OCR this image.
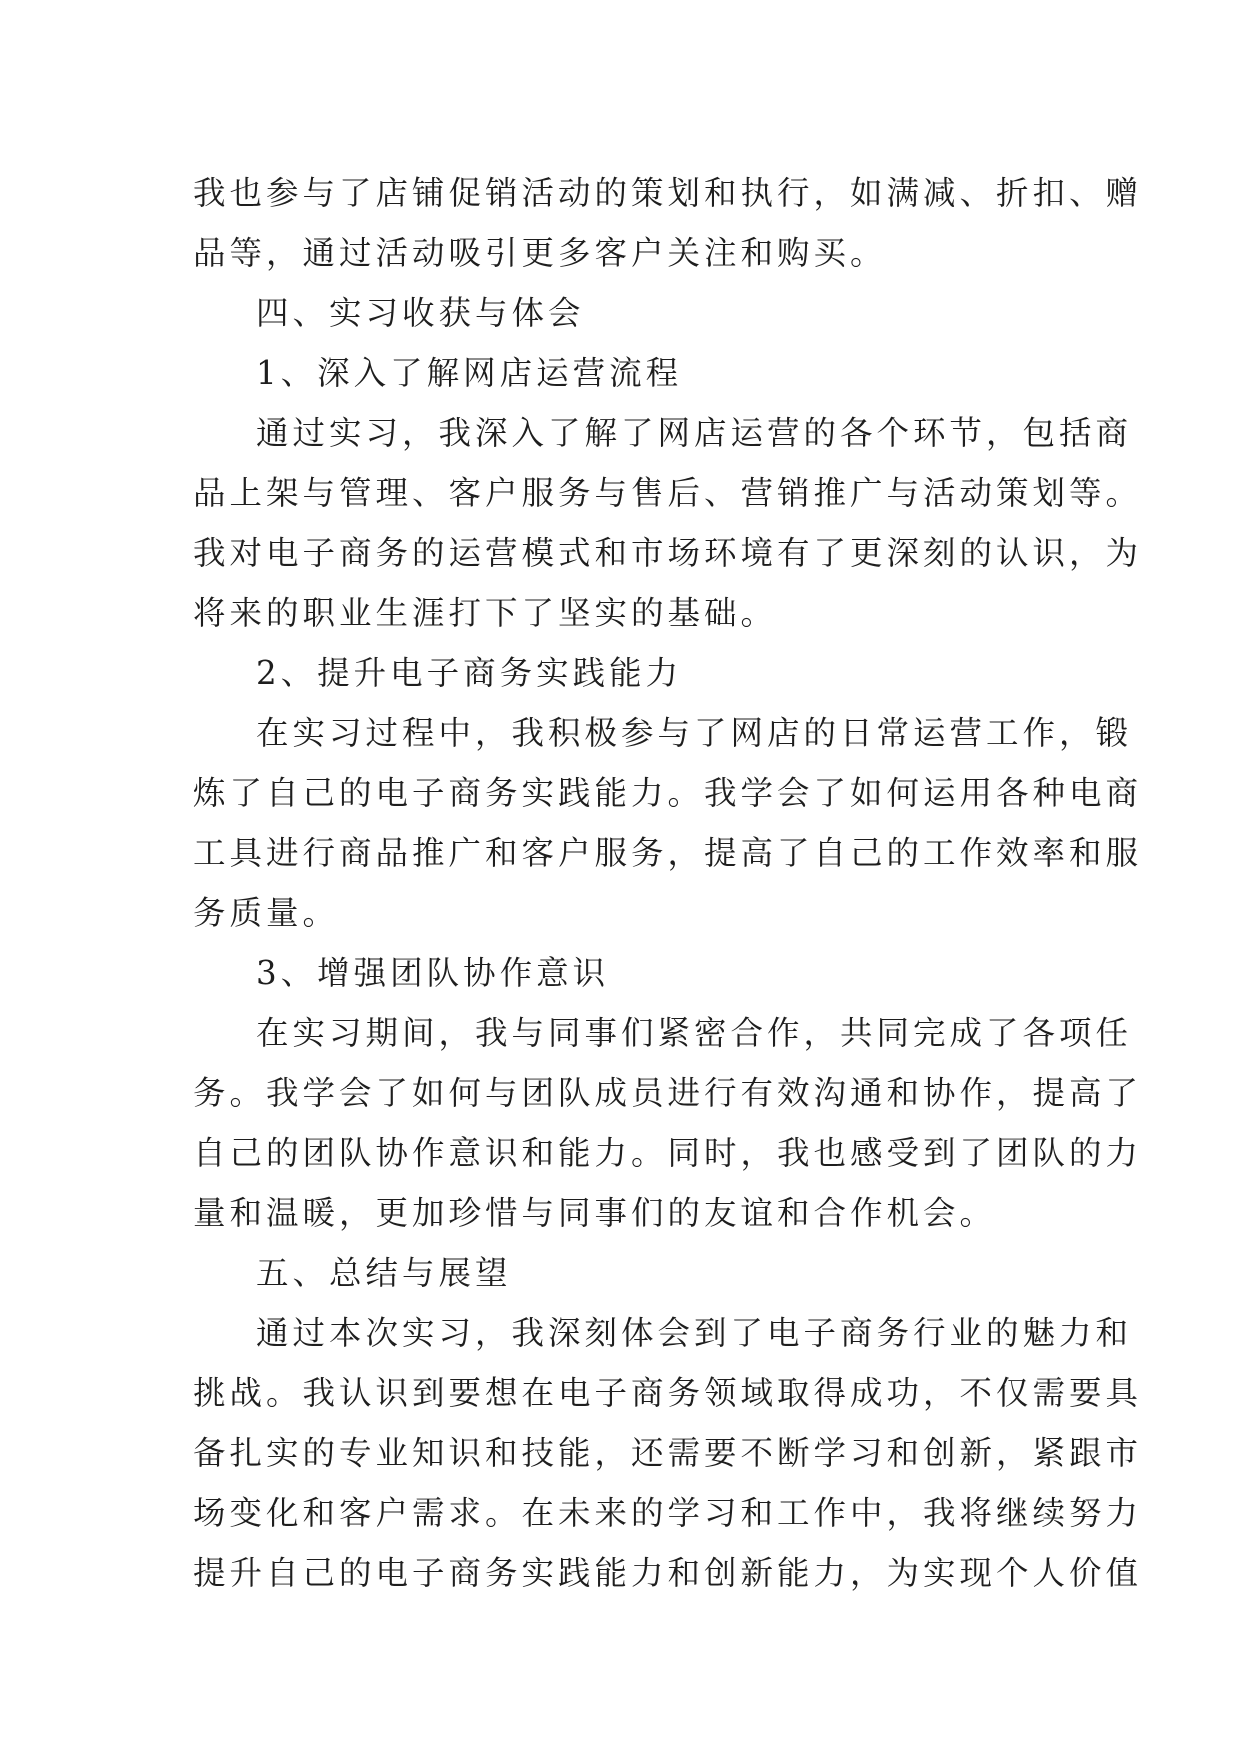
我也参与了店铺促销活动的策划和执行，如满减、折扣、赠
品等，通过活动吸引更多客户关注和购买。
四、实习收获与体会
1、深入了解网店运营流程
通过实习，我深入了解了网店运营的各个环节，包括商
品上架与管理、客户服务与售后、营销推广与活动策划等。
我对电子商务的运营模式和市场环境有了更深刻的认识，为
将来的职业生涯打下了坚实的基础。
2、提升电子商务实践能力
在实习过程中，我积极参与了网店的日常运营工作，锻
炼了自己的电子商务实践能力。我学会了如何运用各种电商
工具进行商品推广和客户服务，提高了自己的工作效率和服
务质量。
3、增强团队协作意识
在实习期间，我与同事们紧密合作，共同完成了各项任
务。我学会了如何与团队成员进行有效沟通和协作，提高了
自己的团队协作意识和能力。同时，我也感受到了团队的力
量和温暖，更加珍惜与同事们的友谊和合作机会。
五、总结与展望
通过本次实习，我深刻体会到了电子商务行业的魅力和
挑战。我认识到要想在电子商务领域取得成功，不仅需要具
备扎实的专业知识和技能，还需要不断学习和创新，紧跟市
场变化和客户需求。在未来的学习和工作中，我将继续努力
提升自己的电子商务实践能力和创新能力，为实现个人价值
